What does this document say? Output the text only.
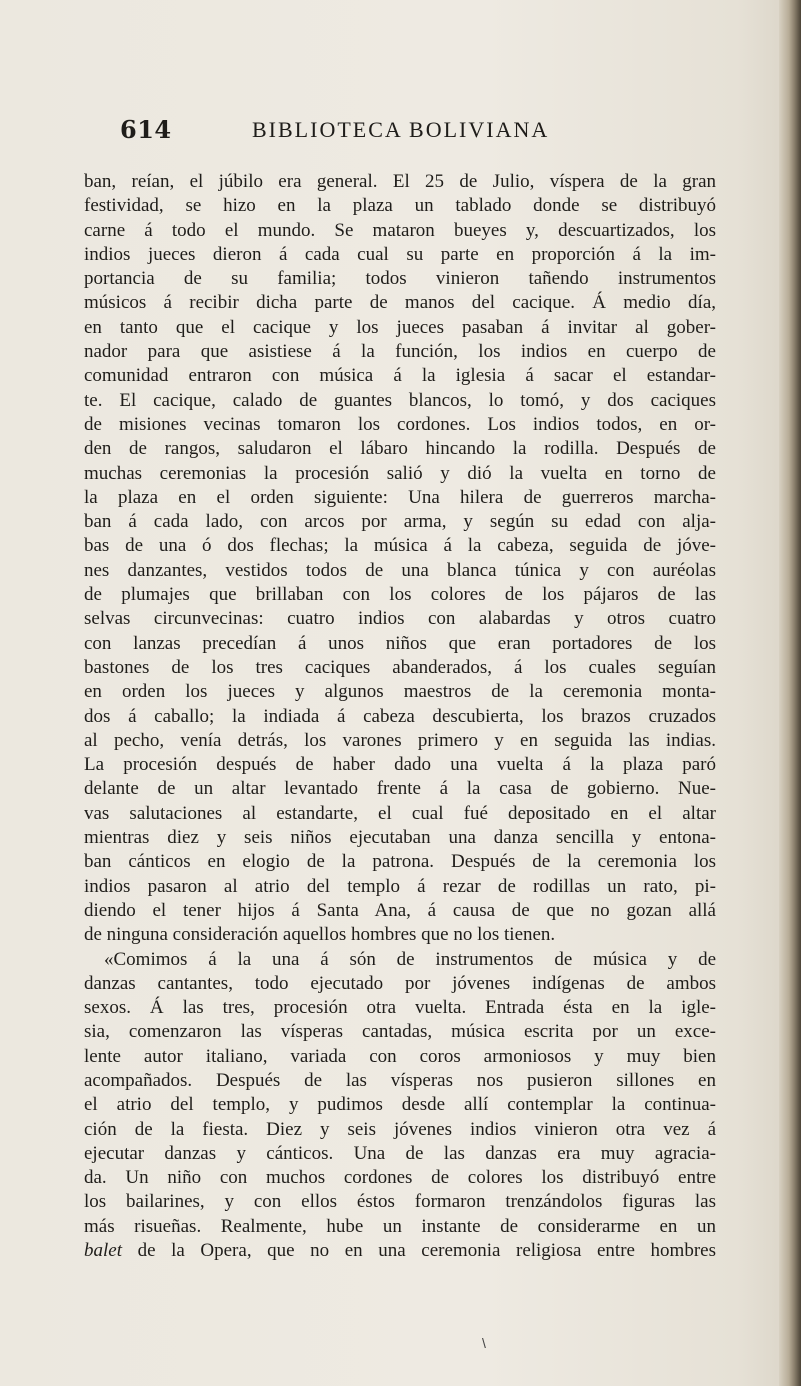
614	BIBLIOTECA BOLIVIANA
ban, reían, el júbilo era general. El 25 de Julio, víspera de la gran
festividad, se hizo en la plaza un tablado donde se distribuyó
carne á todo el mundo. Se mataron bueyes y, descuartizados, los
indios jueces dieron á cada cual su parte en proporción á la im-
portancia de su familia; todos vinieron tañendo instrumentos
músicos á recibir dicha parte de manos del cacique. Á medio día,
en tanto que el cacique y los jueces pasaban á invitar al gober-
nador para que asistiese á la función, los indios en cuerpo de
comunidad entraron con música á la iglesia á sacar el estandar-
te. El cacique, calado de guantes blancos, lo tomó, y dos caciques
de misiones vecinas tomaron los cordones. Los indios todos, en or-
den de rangos, saludaron el lábaro hincando la rodilla. Después de
muchas ceremonias la procesión salió y dió la vuelta en torno de
la plaza en el orden siguiente: Una hilera de guerreros marcha-
ban á cada lado, con arcos por arma, y según su edad con alja-
bas de una ó dos flechas; la música á la cabeza, seguida de jóve-
nes danzantes, vestidos todos de una blanca túnica y con auréolas
de plumajes que brillaban con los colores de los pájaros de las
selvas circunvecinas: cuatro indios con alabardas y otros cuatro
con lanzas precedían á unos niños que eran portadores de los
bastones de los tres caciques abanderados, á los cuales seguían
en orden los jueces y algunos maestros de la ceremonia monta-
dos á caballo; la indiada á cabeza descubierta, los brazos cruzados
al pecho, venía detrás, los varones primero y en seguida las indias.
La procesión después de haber dado una vuelta á la plaza paró
delante de un altar levantado frente á la casa de gobierno. Nue-
vas salutaciones al estandarte, el cual fué depositado en el altar
mientras diez y seis niños ejecutaban una danza sencilla y entona-
ban cánticos en elogio de la patrona. Después de la ceremonia los
indios pasaron al atrio del templo á rezar de rodillas un rato, pi-
diendo el tener hijos á Santa Ana, á causa de que no gozan allá
de ninguna consideración aquellos hombres que no los tienen.
«Comimos á la una á són de instrumentos de música y de
danzas cantantes, todo ejecutado por jóvenes indígenas de ambos
sexos. Á las tres, procesión otra vuelta. Entrada ésta en la igle-
sia, comenzaron las vísperas cantadas, música escrita por un exce-
lente autor italiano, variada con coros armoniosos y muy bien
acompañados. Después de las vísperas nos pusieron sillones en
el atrio del templo, y pudimos desde allí contemplar la continua-
ción de la fiesta. Diez y seis jóvenes indios vinieron otra vez á
ejecutar danzas y cánticos. Una de las danzas era muy agracia-
da. Un niño con muchos cordones de colores los distribuyó entre
los bailarines, y con ellos éstos formaron trenzándolos figuras las
más risueñas. Realmente, hube un instante de considerarme en un
balet de la Opera, que no en una ceremonia religiosa entre hombres
\
